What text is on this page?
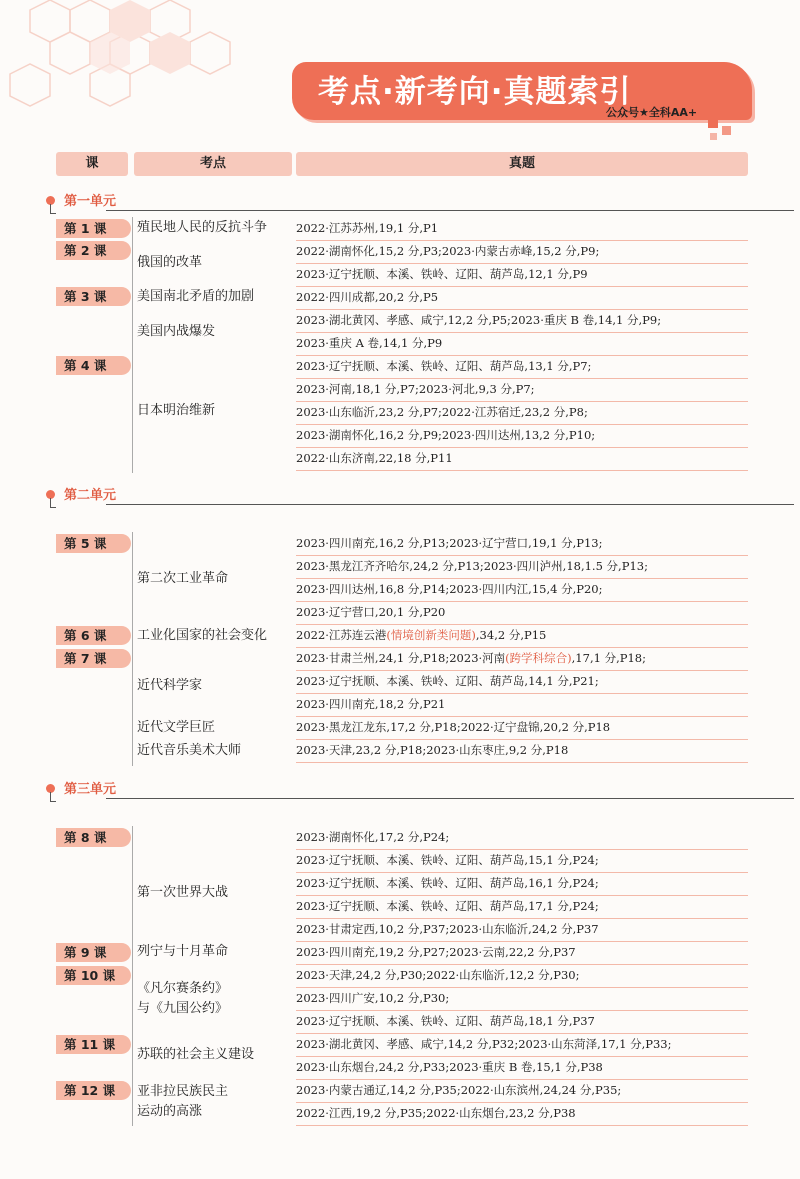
考点·新考向·真题索引
公众号★全科AA+
课	考点	真题
第一单元
第二单元
第三单元
第 1 课
第 2 课
第 3 课
第 4 课
第 5 课
第 6 课
第 7 课
第 8 课
第 9 课
第 10 课
第 11 课
第 12 课
殖民地人民的反抗斗争
俄国的改革
美国南北矛盾的加剧
美国内战爆发
日本明治维新
第二次工业革命
工业化国家的社会变化
近代科学家
近代文学巨匠
近代音乐美术大师
第一次世界大战
列宁与十月革命
《凡尔赛条约》
与《九国公约》
苏联的社会主义建设
亚非拉民族民主
运动的高涨
2022·江苏苏州,19,1 分,P1
2022·湖南怀化,15,2 分,P3;2023·内蒙古赤峰,15,2 分,P9;
2023·辽宁抚顺、本溪、铁岭、辽阳、葫芦岛,12,1 分,P9
2022·四川成都,20,2 分,P5
2023·湖北黄冈、孝感、咸宁,12,2 分,P5;2023·重庆 B 卷,14,1 分,P9;
2023·重庆 A 卷,14,1 分,P9
2023·辽宁抚顺、本溪、铁岭、辽阳、葫芦岛,13,1 分,P7;
2023·河南,18,1 分,P7;2023·河北,9,3 分,P7;
2023·山东临沂,23,2 分,P7;2022·江苏宿迁,23,2 分,P8;
2023·湖南怀化,16,2 分,P9;2023·四川达州,13,2 分,P10;
2022·山东济南,22,18 分,P11
2023·四川南充,16,2 分,P13;2023·辽宁营口,19,1 分,P13;
2023·黑龙江齐齐哈尔,24,2 分,P13;2023·四川泸州,18,1.5 分,P13;
2023·四川达州,16,8 分,P14;2023·四川内江,15,4 分,P20;
2023·辽宁营口,20,1 分,P20
2022·江苏连云港(情境创新类问题),34,2 分,P15
2023·甘肃兰州,24,1 分,P18;2023·河南(跨学科综合),17,1 分,P18;
2023·辽宁抚顺、本溪、铁岭、辽阳、葫芦岛,14,1 分,P21;
2023·四川南充,18,2 分,P21
2023·黑龙江龙东,17,2 分,P18;2022·辽宁盘锦,20,2 分,P18
2023·天津,23,2 分,P18;2023·山东枣庄,9,2 分,P18
2023·湖南怀化,17,2 分,P24;
2023·辽宁抚顺、本溪、铁岭、辽阳、葫芦岛,15,1 分,P24;
2023·辽宁抚顺、本溪、铁岭、辽阳、葫芦岛,16,1 分,P24;
2023·辽宁抚顺、本溪、铁岭、辽阳、葫芦岛,17,1 分,P24;
2023·甘肃定西,10,2 分,P37;2023·山东临沂,24,2 分,P37
2023·四川南充,19,2 分,P27;2023·云南,22,2 分,P37
2023·天津,24,2 分,P30;2022·山东临沂,12,2 分,P30;
2023·四川广安,10,2 分,P30;
2023·辽宁抚顺、本溪、铁岭、辽阳、葫芦岛,18,1 分,P37
2023·湖北黄冈、孝感、咸宁,14,2 分,P32;2023·山东菏泽,17,1 分,P33;
2023·山东烟台,24,2 分,P33;2023·重庆 B 卷,15,1 分,P38
2023·内蒙古通辽,14,2 分,P35;2022·山东滨州,24,24 分,P35;
2022·江西,19,2 分,P35;2022·山东烟台,23,2 分,P38
